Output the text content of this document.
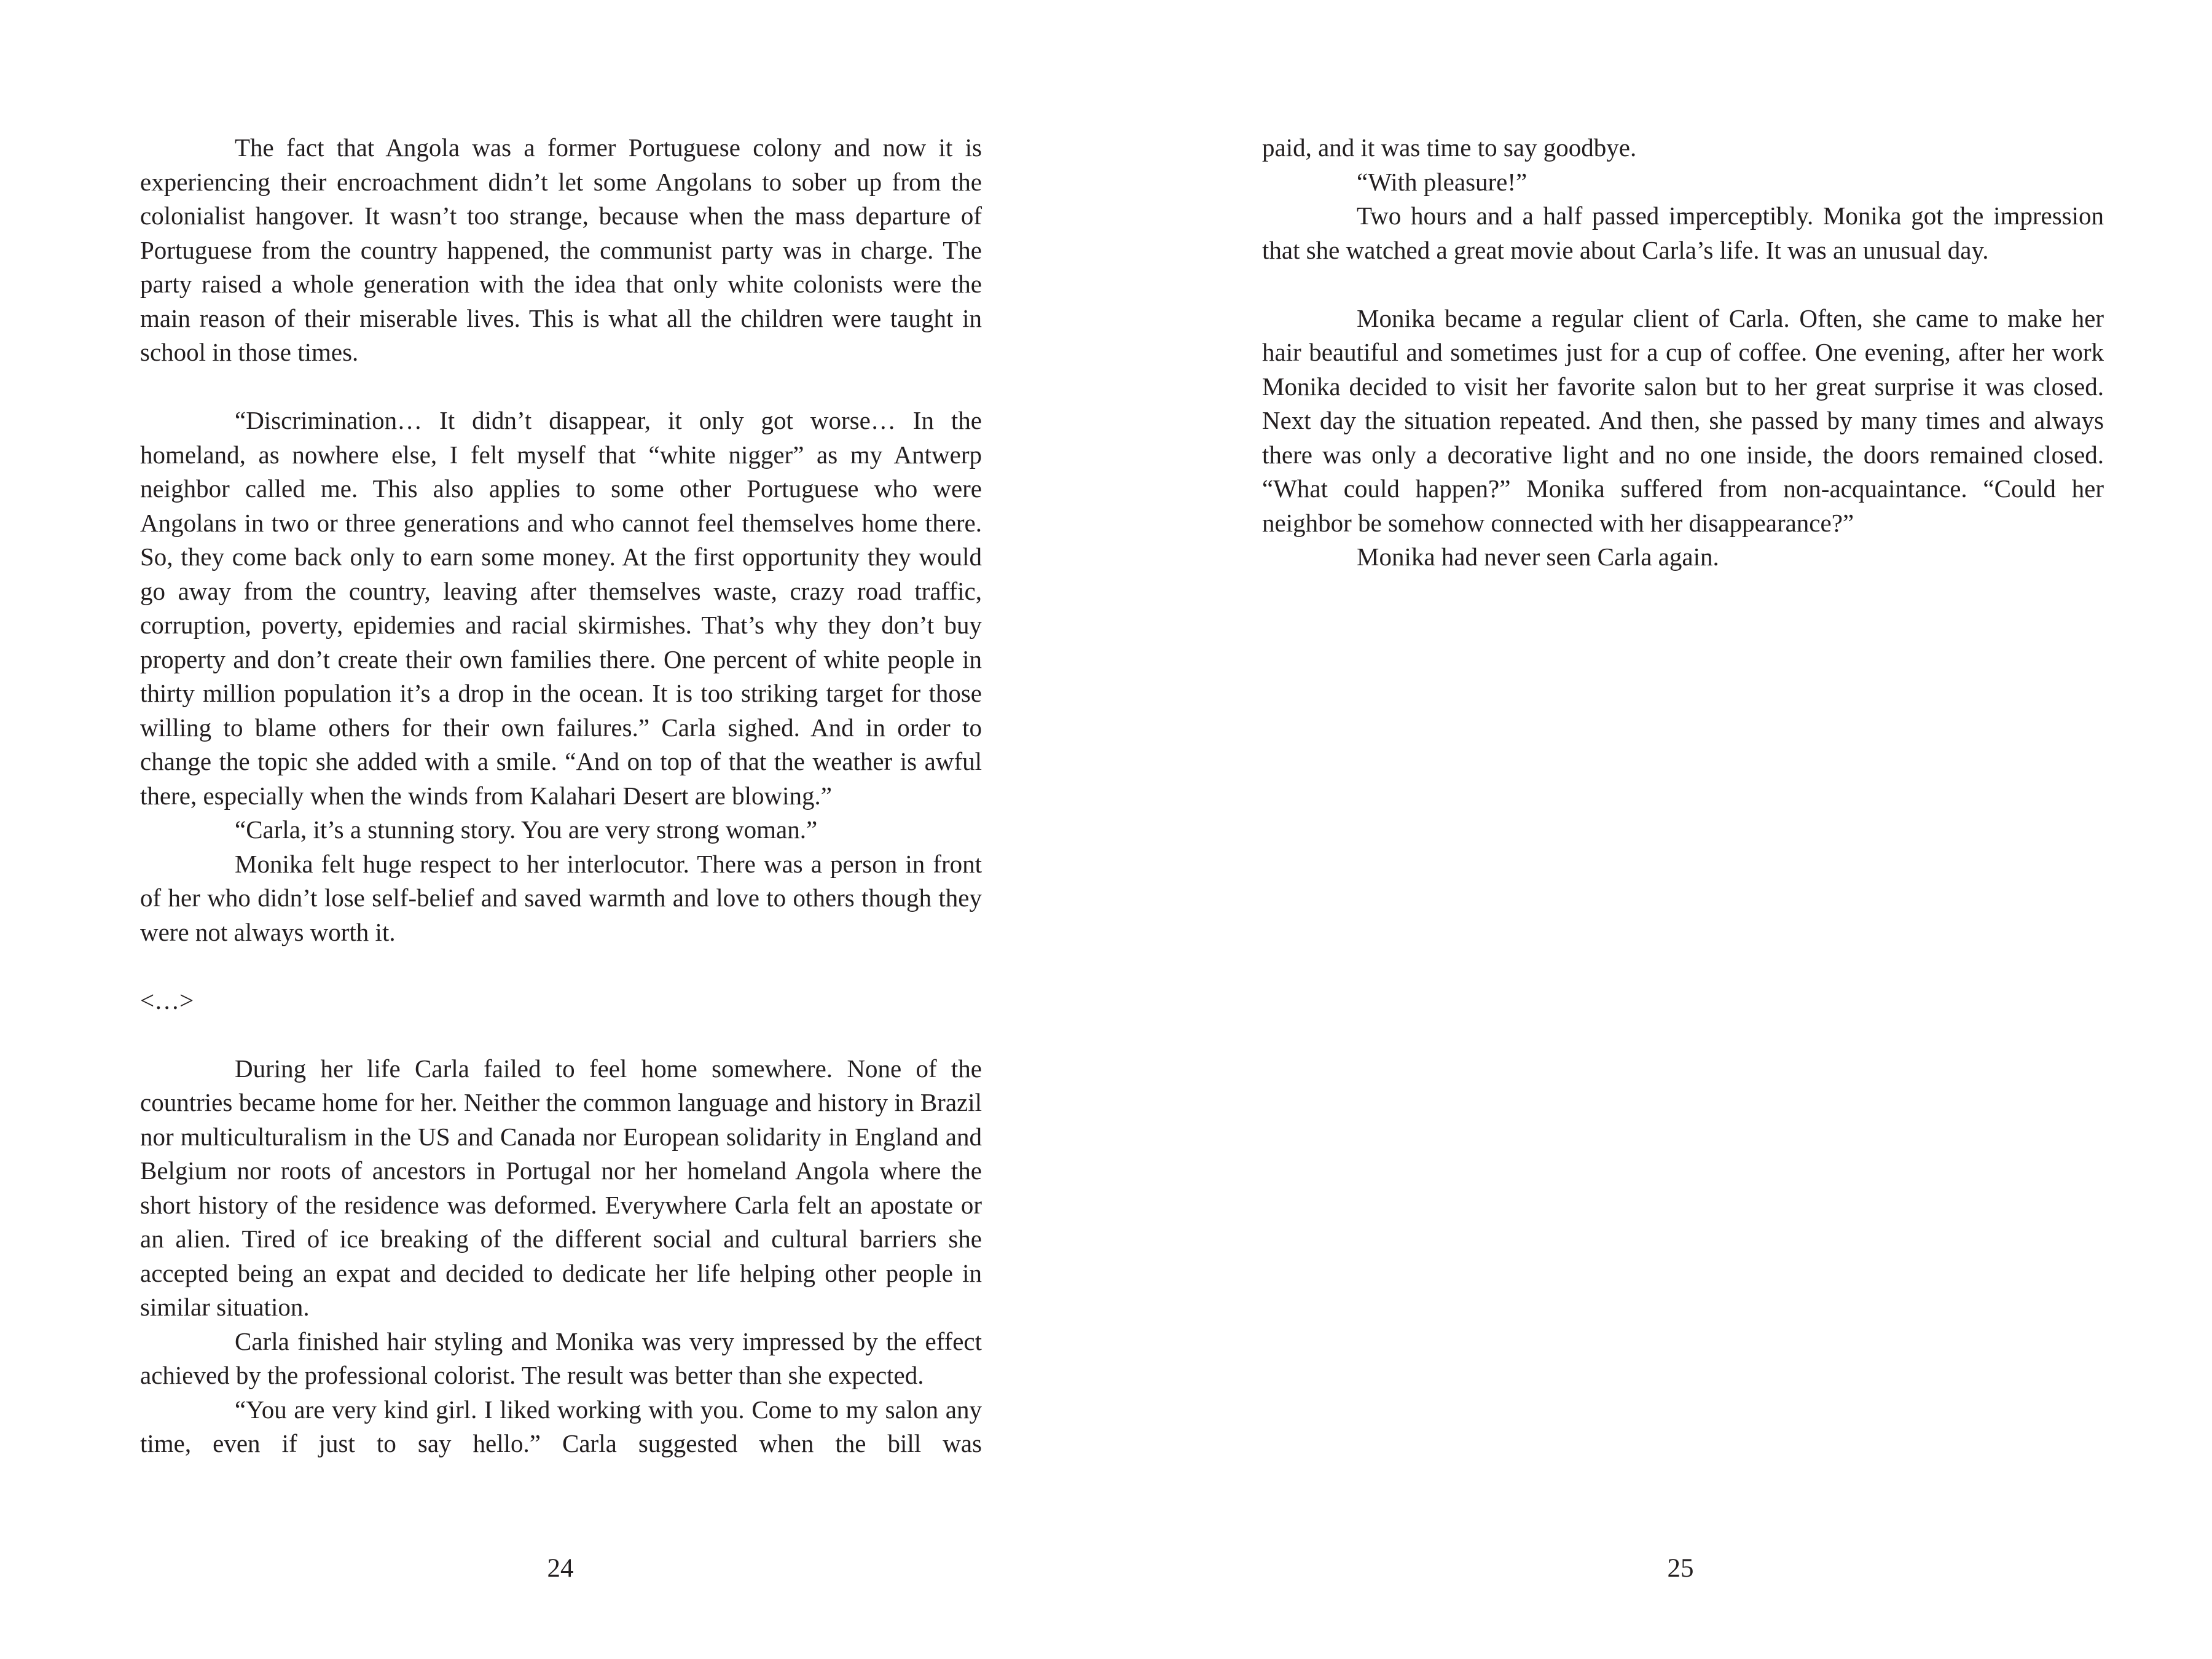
The fact that Angola was a former Portuguese colony and now it is experiencing their encroachment didn’t let some Angolans to sober up from the colonialist hangover. It wasn’t too strange, because when the mass departure of Portuguese from the country happened, the communist party was in charge. The party raised a whole generation with the idea that only white colonists were the main reason of their miserable lives. This is what all the children were taught in school in those times.

“Discrimination… It didn’t disappear, it only got worse… In the homeland, as nowhere else, I felt myself that “white nigger” as my Antwerp neighbor called me. This also applies to some other Portuguese who were Angolans in two or three generations and who cannot feel themselves home there. So, they come back only to earn some money. At the first opportunity they would go away from the country, leaving after themselves waste, crazy road traffic, corruption, poverty, epidemies and racial skirmishes. That’s why they don’t buy property and don’t create their own families there. One percent of white people in thirty million population it’s a drop in the ocean. It is too striking target for those willing to blame others for their own failures.” Carla sighed. And in order to change the topic she added with a smile. “And on top of that the weather is awful there, especially when the winds from Kalahari Desert are blowing.”

“Carla, it’s a stunning story. You are very strong woman.”

Monika felt huge respect to her interlocutor. There was a person in front of her who didn’t lose self-belief and saved warmth and love to others though they were not always worth it.

<…>

During her life Carla failed to feel home somewhere. None of the countries became home for her. Neither the common language and history in Brazil nor multiculturalism in the US and Canada nor European solidarity in England and Belgium nor roots of ancestors in Portugal nor her homeland Angola where the short history of the residence was deformed. Everywhere Carla felt an apostate or an alien. Tired of ice breaking of the different social and cultural barriers she accepted being an expat and decided to dedicate her life helping other people in similar situation.

Carla finished hair styling and Monika was very impressed by the effect achieved by the professional colorist. The result was better than she expected.

“You are very kind girl. I liked working with you. Come to my salon any time, even if just to say hello.” Carla suggested when the bill was

24

paid, and it was time to say goodbye.

“With pleasure!”

Two hours and a half passed imperceptibly. Monika got the impression that she watched a great movie about Carla’s life. It was an unusual day.

Monika became a regular client of Carla. Often, she came to make her hair beautiful and sometimes just for a cup of coffee. One evening, after her work Monika decided to visit her favorite salon but to her great surprise it was closed. Next day the situation repeated. And then, she passed by many times and always there was only a decorative light and no one inside, the doors remained closed. “What could happen?” Monika suffered from non-acquaintance. “Could her neighbor be somehow connected with her disappearance?”

Monika had never seen Carla again.

25
